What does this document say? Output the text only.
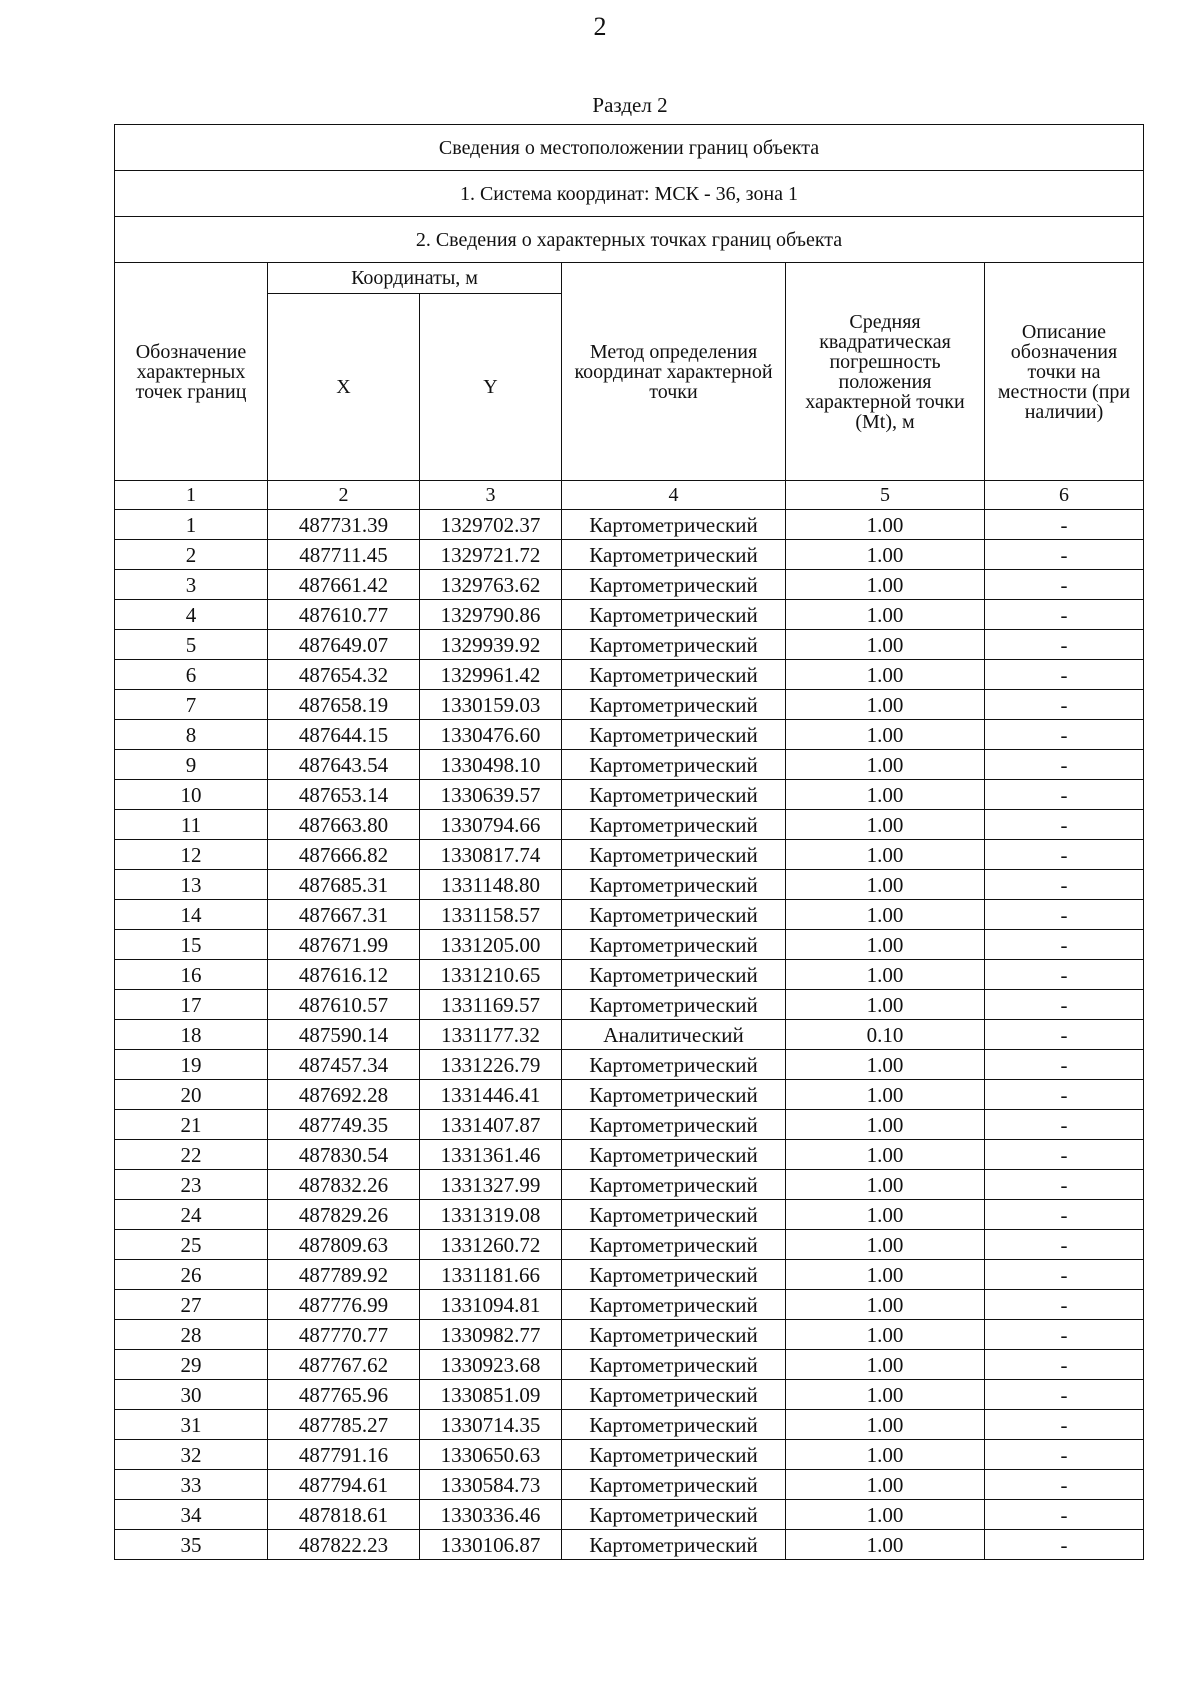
2
Раздел 2
Сведения о местоположении границ объекта					
1. Система координат: МСК - 36, зона 1					
2. Сведения о характерных точках границ объекта					
Обозначение характерных точек границ	Координаты, м		Метод определения координат характерной точки	Средняя квадратическая погрешность положения характерной точки (Mt), м	Описание обозначения точки на местности (при наличии)
	X	Y			
1	2	3	4	5	6
1	487731.39	1329702.37	Картометрический	1.00	-
2	487711.45	1329721.72	Картометрический	1.00	-
3	487661.42	1329763.62	Картометрический	1.00	-
4	487610.77	1329790.86	Картометрический	1.00	-
5	487649.07	1329939.92	Картометрический	1.00	-
6	487654.32	1329961.42	Картометрический	1.00	-
7	487658.19	1330159.03	Картометрический	1.00	-
8	487644.15	1330476.60	Картометрический	1.00	-
9	487643.54	1330498.10	Картометрический	1.00	-
10	487653.14	1330639.57	Картометрический	1.00	-
11	487663.80	1330794.66	Картометрический	1.00	-
12	487666.82	1330817.74	Картометрический	1.00	-
13	487685.31	1331148.80	Картометрический	1.00	-
14	487667.31	1331158.57	Картометрический	1.00	-
15	487671.99	1331205.00	Картометрический	1.00	-
16	487616.12	1331210.65	Картометрический	1.00	-
17	487610.57	1331169.57	Картометрический	1.00	-
18	487590.14	1331177.32	Аналитический	0.10	-
19	487457.34	1331226.79	Картометрический	1.00	-
20	487692.28	1331446.41	Картометрический	1.00	-
21	487749.35	1331407.87	Картометрический	1.00	-
22	487830.54	1331361.46	Картометрический	1.00	-
23	487832.26	1331327.99	Картометрический	1.00	-
24	487829.26	1331319.08	Картометрический	1.00	-
25	487809.63	1331260.72	Картометрический	1.00	-
26	487789.92	1331181.66	Картометрический	1.00	-
27	487776.99	1331094.81	Картометрический	1.00	-
28	487770.77	1330982.77	Картометрический	1.00	-
29	487767.62	1330923.68	Картометрический	1.00	-
30	487765.96	1330851.09	Картометрический	1.00	-
31	487785.27	1330714.35	Картометрический	1.00	-
32	487791.16	1330650.63	Картометрический	1.00	-
33	487794.61	1330584.73	Картометрический	1.00	-
34	487818.61	1330336.46	Картометрический	1.00	-
35	487822.23	1330106.87	Картометрический	1.00	-
